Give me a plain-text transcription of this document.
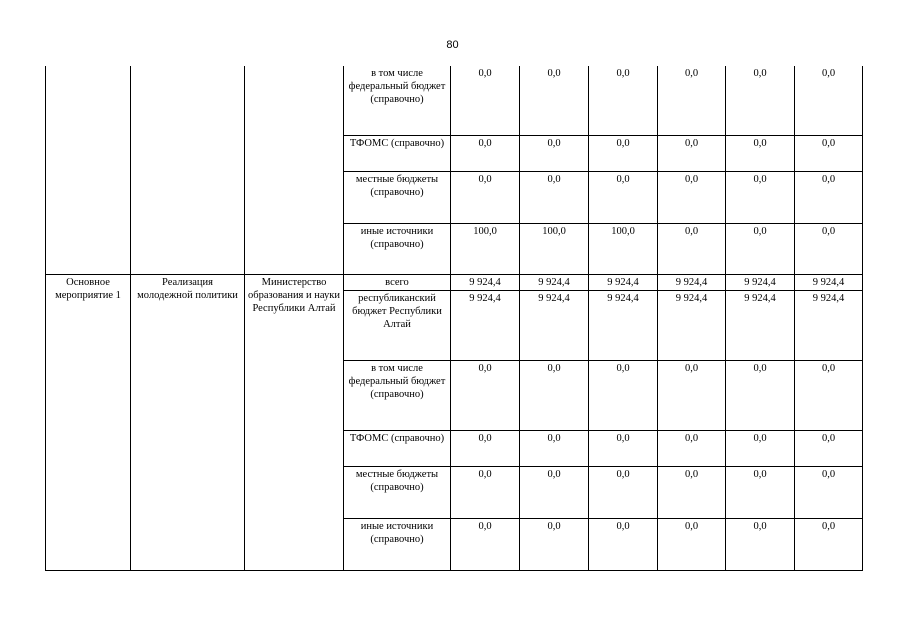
80
			в том числе федеральный бюджет (справочно)	0,0	0,0	0,0	0,0	0,0	0,0
			ТФОМС (справочно)	0,0	0,0	0,0	0,0	0,0	0,0
			местные бюджеты (справочно)	0,0	0,0	0,0	0,0	0,0	0,0
			иные источники (справочно)	100,0	100,0	100,0	0,0	0,0	0,0
Основное мероприятие 1	Реализация молодежной политики	Министерство образования и науки Республики Алтай	всего	9 924,4	9 924,4	9 924,4	9 924,4	9 924,4	9 924,4
			республиканский бюджет Республики Алтай	9 924,4	9 924,4	9 924,4	9 924,4	9 924,4	9 924,4
			в том числе федеральный бюджет (справочно)	0,0	0,0	0,0	0,0	0,0	0,0
			ТФОМС (справочно)	0,0	0,0	0,0	0,0	0,0	0,0
			местные бюджеты (справочно)	0,0	0,0	0,0	0,0	0,0	0,0
			иные источники (справочно)	0,0	0,0	0,0	0,0	0,0	0,0
